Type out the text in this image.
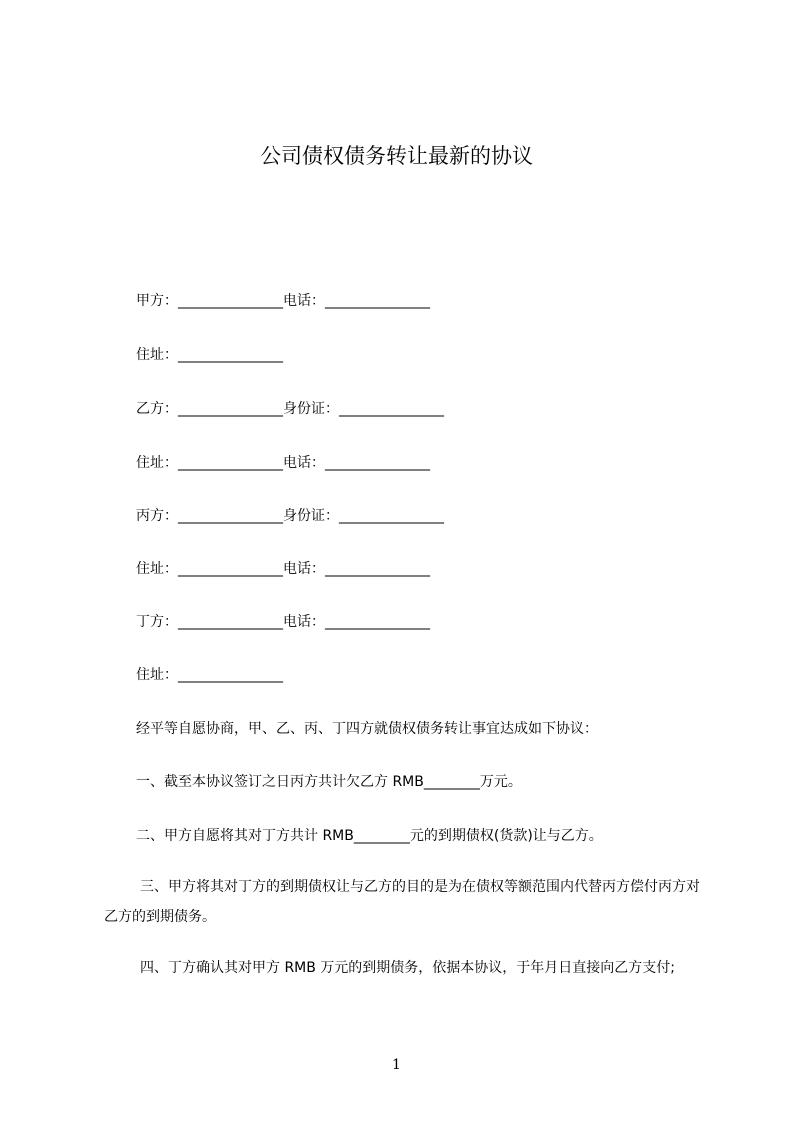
公司债权债务转让最新的协议
甲方：_______________电话：_______________
住址：_______________
乙方：_______________身份证：_______________
住址：_______________电话：_______________
丙方：_______________身份证：_______________
住址：_______________电话：_______________
丁方：_______________电话：_______________
住址：_______________
经平等自愿协商，甲、乙、丙、丁四方就债权债务转让事宜达成如下协议：
一、截至本协议签订之日丙方共计欠乙方 RMB________万元。
二、甲方自愿将其对丁方共计 RMB________元的到期债权(货款)让与乙方。
三、甲方将其对丁方的到期债权让与乙方的目的是为在债权等额范围内代替丙方偿付丙方对乙方的到期债务。
四、丁方确认其对甲方 RMB 万元的到期债务，依据本协议，于年月日直接向乙方支付;
1
